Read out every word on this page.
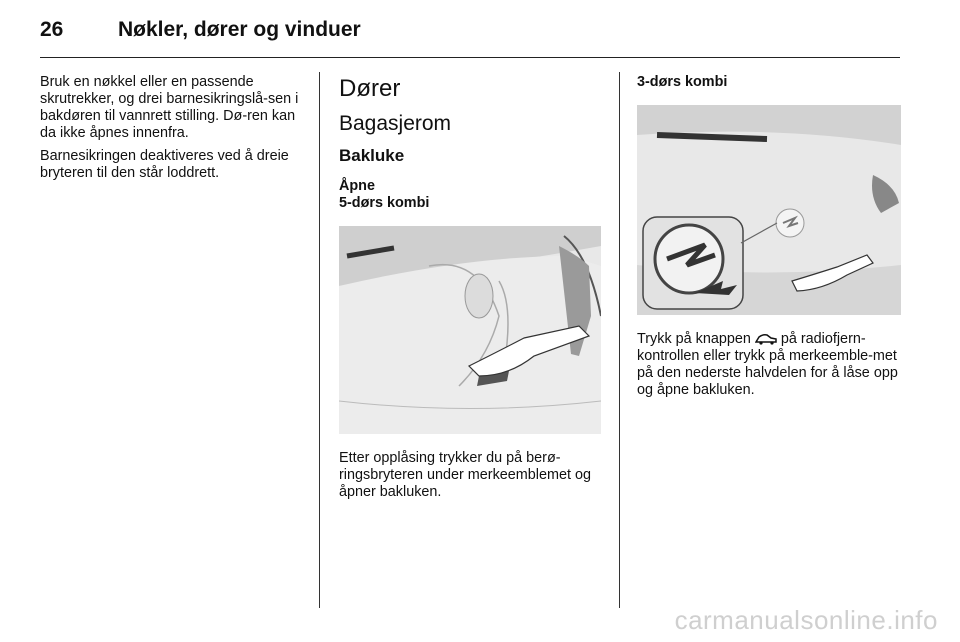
26	Nøkler, dører og vinduer

Bruk en nøkkel eller en passende skrutrekker, og drei barnesikringslå-sen i bakdøren til vannrett stilling. Dø-ren kan da ikke åpnes innenfra.

Barnesikringen deaktiveres ved å dreie bryteren til den står loddrett.

Dører
Bagasjerom
Bakluke
Åpne
5-dørs kombi

Etter opplåsing trykker du på berø-ringsbryteren under merkeemblemet og åpner bakluken.

3-dørs kombi

Trykk på knappen på radiofjern-kontrollen eller trykk på merkeemble-met på den nederste halvdelen for å låse opp og åpne bakluken.

carmanualsonline.info
